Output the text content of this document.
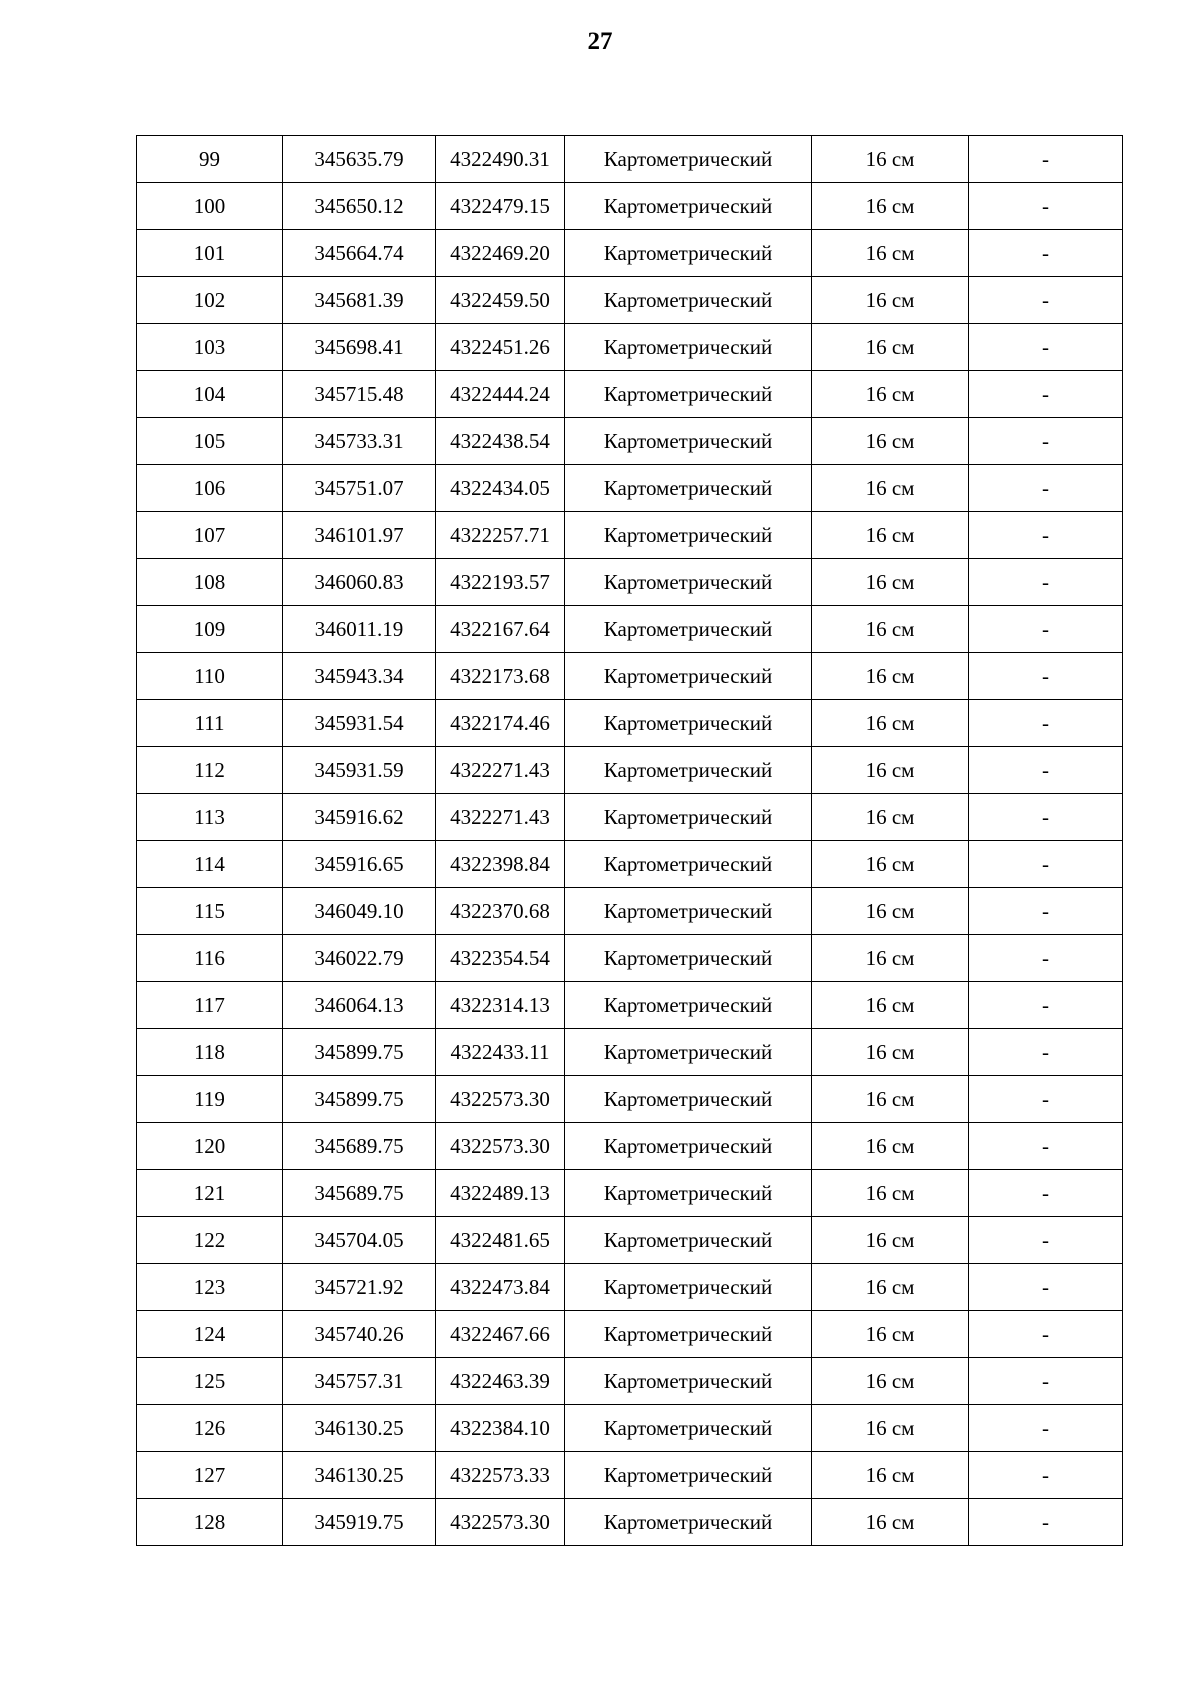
27
99	345635.79	4322490.31	Картометрический	16 см	-
100	345650.12	4322479.15	Картометрический	16 см	-
101	345664.74	4322469.20	Картометрический	16 см	-
102	345681.39	4322459.50	Картометрический	16 см	-
103	345698.41	4322451.26	Картометрический	16 см	-
104	345715.48	4322444.24	Картометрический	16 см	-
105	345733.31	4322438.54	Картометрический	16 см	-
106	345751.07	4322434.05	Картометрический	16 см	-
107	346101.97	4322257.71	Картометрический	16 см	-
108	346060.83	4322193.57	Картометрический	16 см	-
109	346011.19	4322167.64	Картометрический	16 см	-
110	345943.34	4322173.68	Картометрический	16 см	-
111	345931.54	4322174.46	Картометрический	16 см	-
112	345931.59	4322271.43	Картометрический	16 см	-
113	345916.62	4322271.43	Картометрический	16 см	-
114	345916.65	4322398.84	Картометрический	16 см	-
115	346049.10	4322370.68	Картометрический	16 см	-
116	346022.79	4322354.54	Картометрический	16 см	-
117	346064.13	4322314.13	Картометрический	16 см	-
118	345899.75	4322433.11	Картометрический	16 см	-
119	345899.75	4322573.30	Картометрический	16 см	-
120	345689.75	4322573.30	Картометрический	16 см	-
121	345689.75	4322489.13	Картометрический	16 см	-
122	345704.05	4322481.65	Картометрический	16 см	-
123	345721.92	4322473.84	Картометрический	16 см	-
124	345740.26	4322467.66	Картометрический	16 см	-
125	345757.31	4322463.39	Картометрический	16 см	-
126	346130.25	4322384.10	Картометрический	16 см	-
127	346130.25	4322573.33	Картометрический	16 см	-
128	345919.75	4322573.30	Картометрический	16 см	-
